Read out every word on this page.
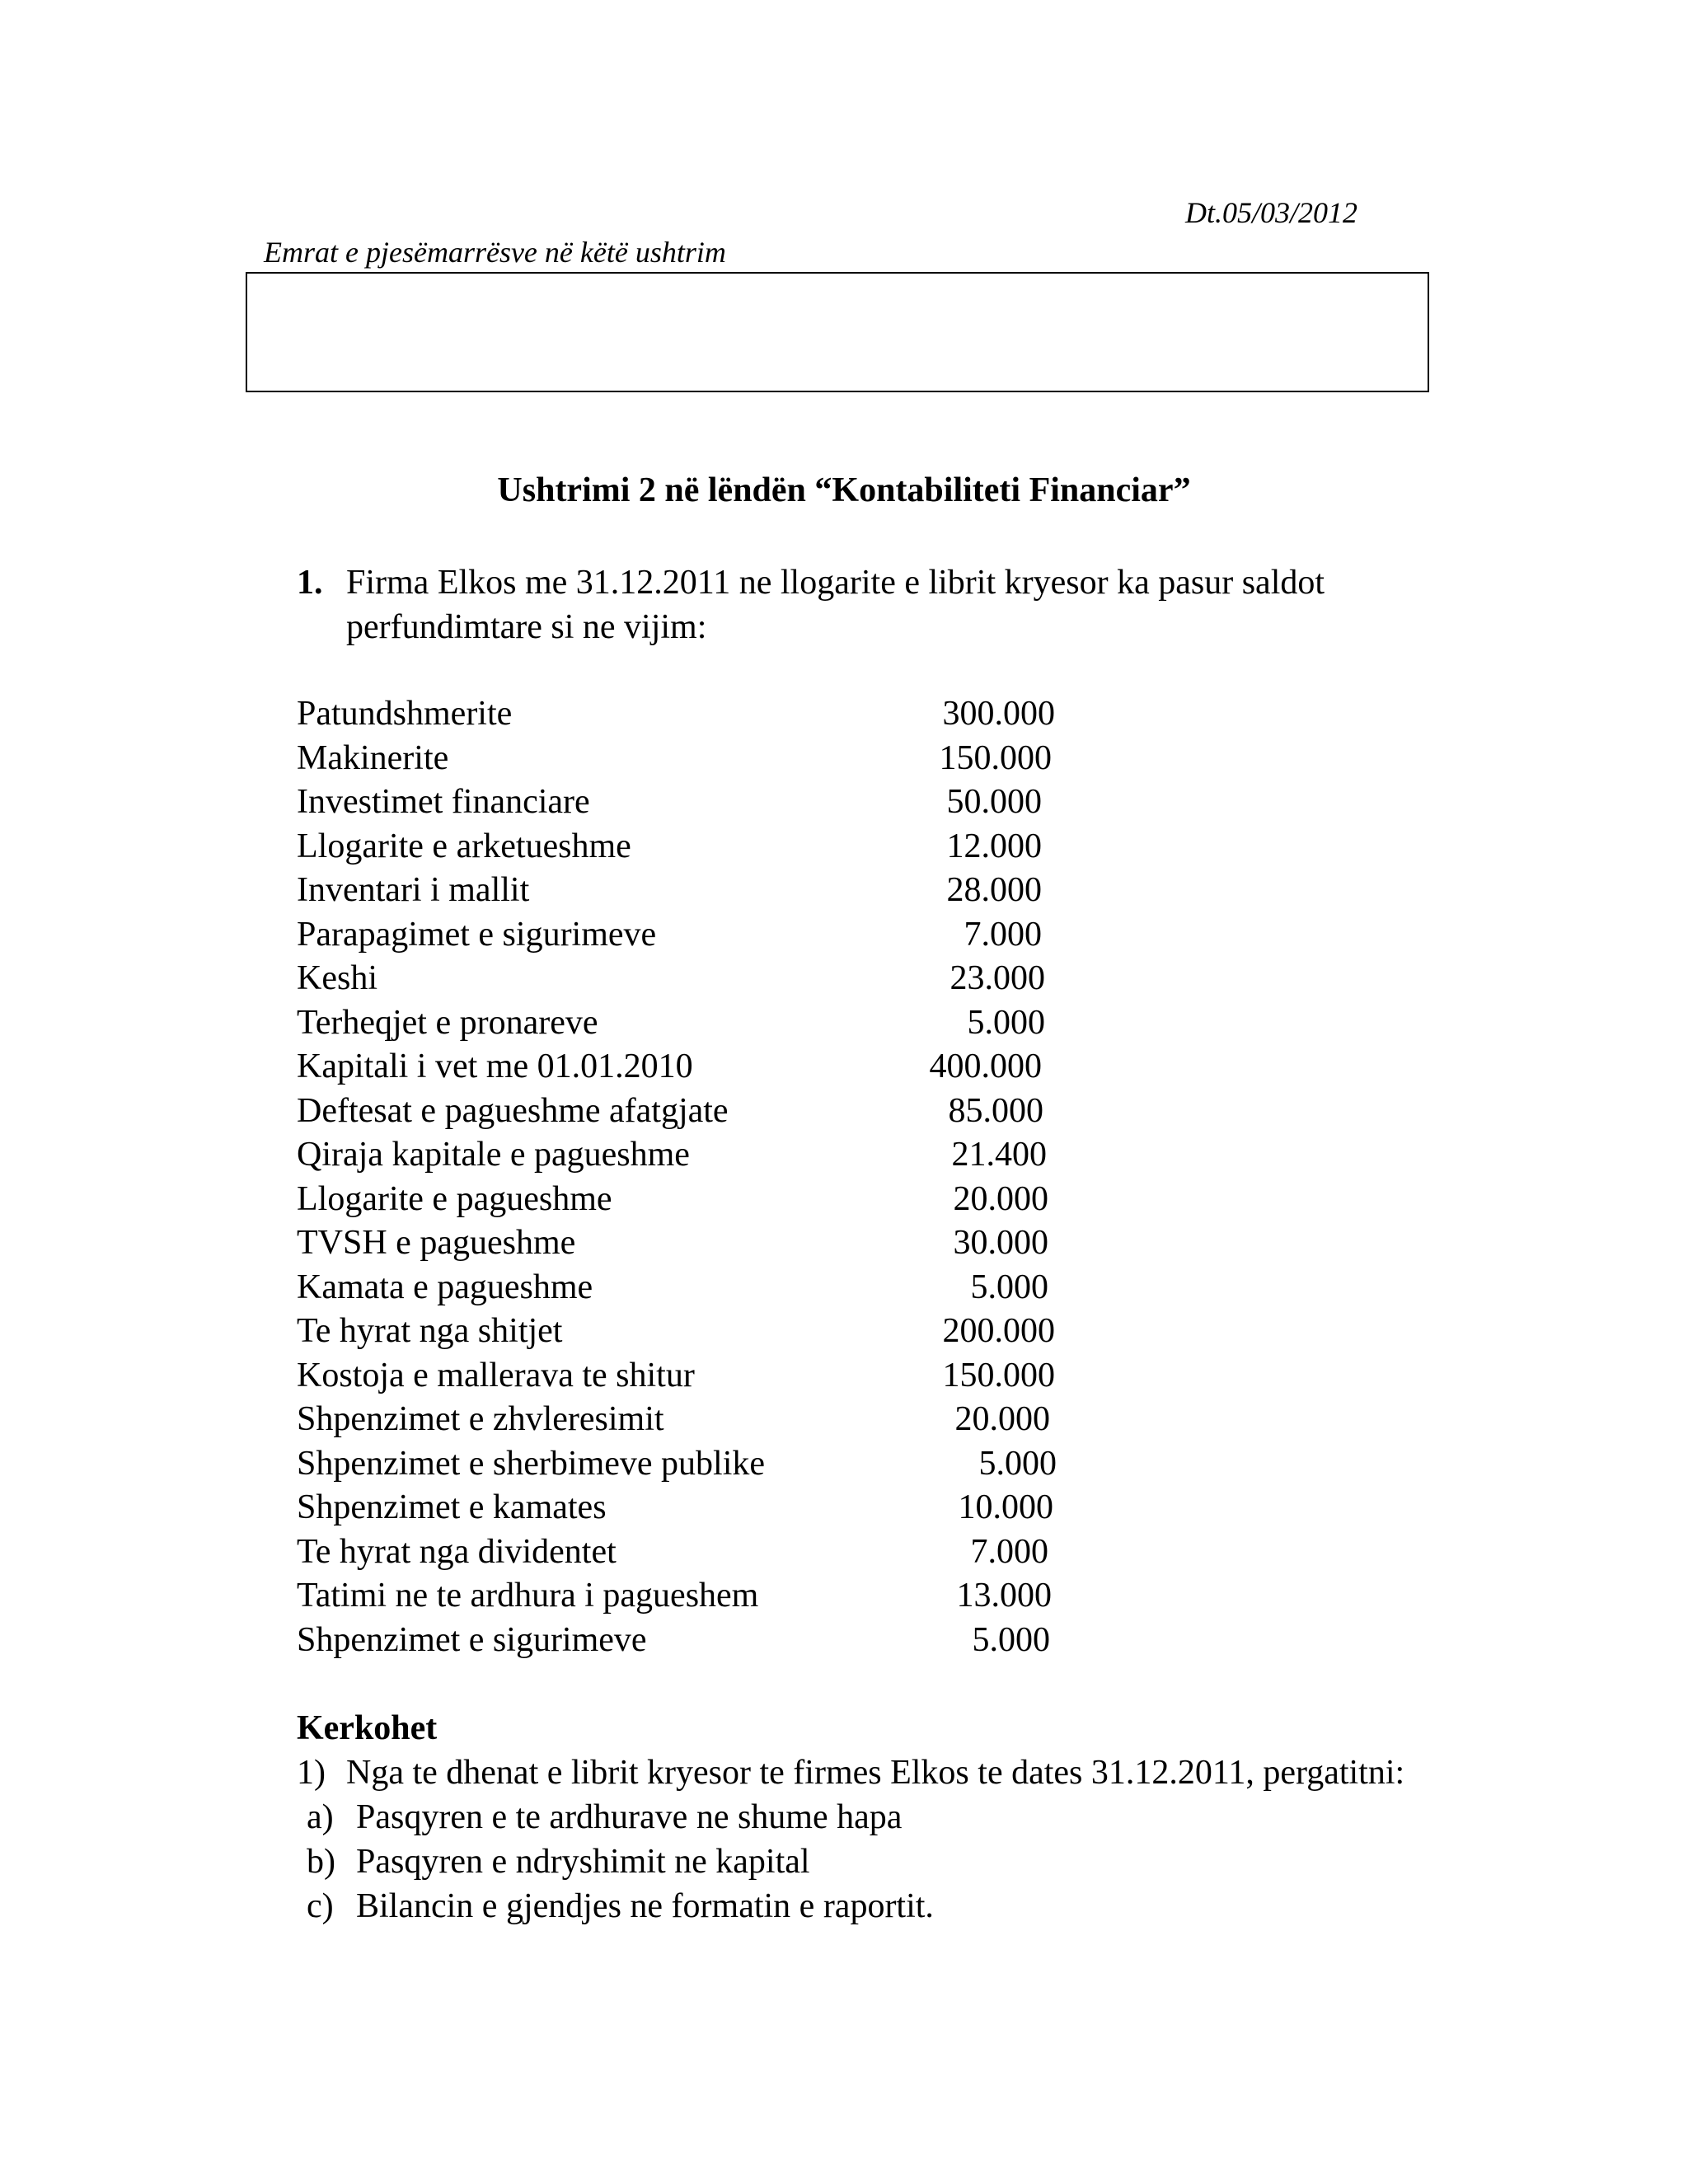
Dt.05/03/2012
Emrat e pjesëmarrësve në këtë ushtrim
Ushtrimi 2 në lëndën “Kontabiliteti Financiar”
1. Firma Elkos me 31.12.2011 ne llogarite e librit kryesor ka pasur saldot perfundimtare si ne vijim:
Patundshmerite	300.000
Makinerite	150.000
Investimet financiare	50.000
Llogarite e arketueshme	12.000
Inventari i mallit	28.000
Parapagimet e sigurimeve	7.000
Keshi	23.000
Terheqjet e pronareve	5.000
Kapitali i vet me 01.01.2010	400.000
Deftesat e pagueshme afatgjate	85.000
Qiraja kapitale e pagueshme	21.400
Llogarite e pagueshme	20.000
TVSH e pagueshme	30.000
Kamata e pagueshme	5.000
Te hyrat nga shitjet	200.000
Kostoja e mallerava te shitur	150.000
Shpenzimet e zhvleresimit	20.000
Shpenzimet e sherbimeve publike	5.000
Shpenzimet e kamates	10.000
Te hyrat nga dividentet	7.000
Tatimi ne te ardhura i pagueshem	13.000
Shpenzimet e sigurimeve	5.000
Kerkohet
1) Nga te dhenat e librit kryesor te firmes Elkos te dates 31.12.2011, pergatitni:
a) Pasqyren e te ardhurave ne shume hapa
b) Pasqyren e ndryshimit ne kapital
c) Bilancin e gjendjes ne formatin e raportit.
